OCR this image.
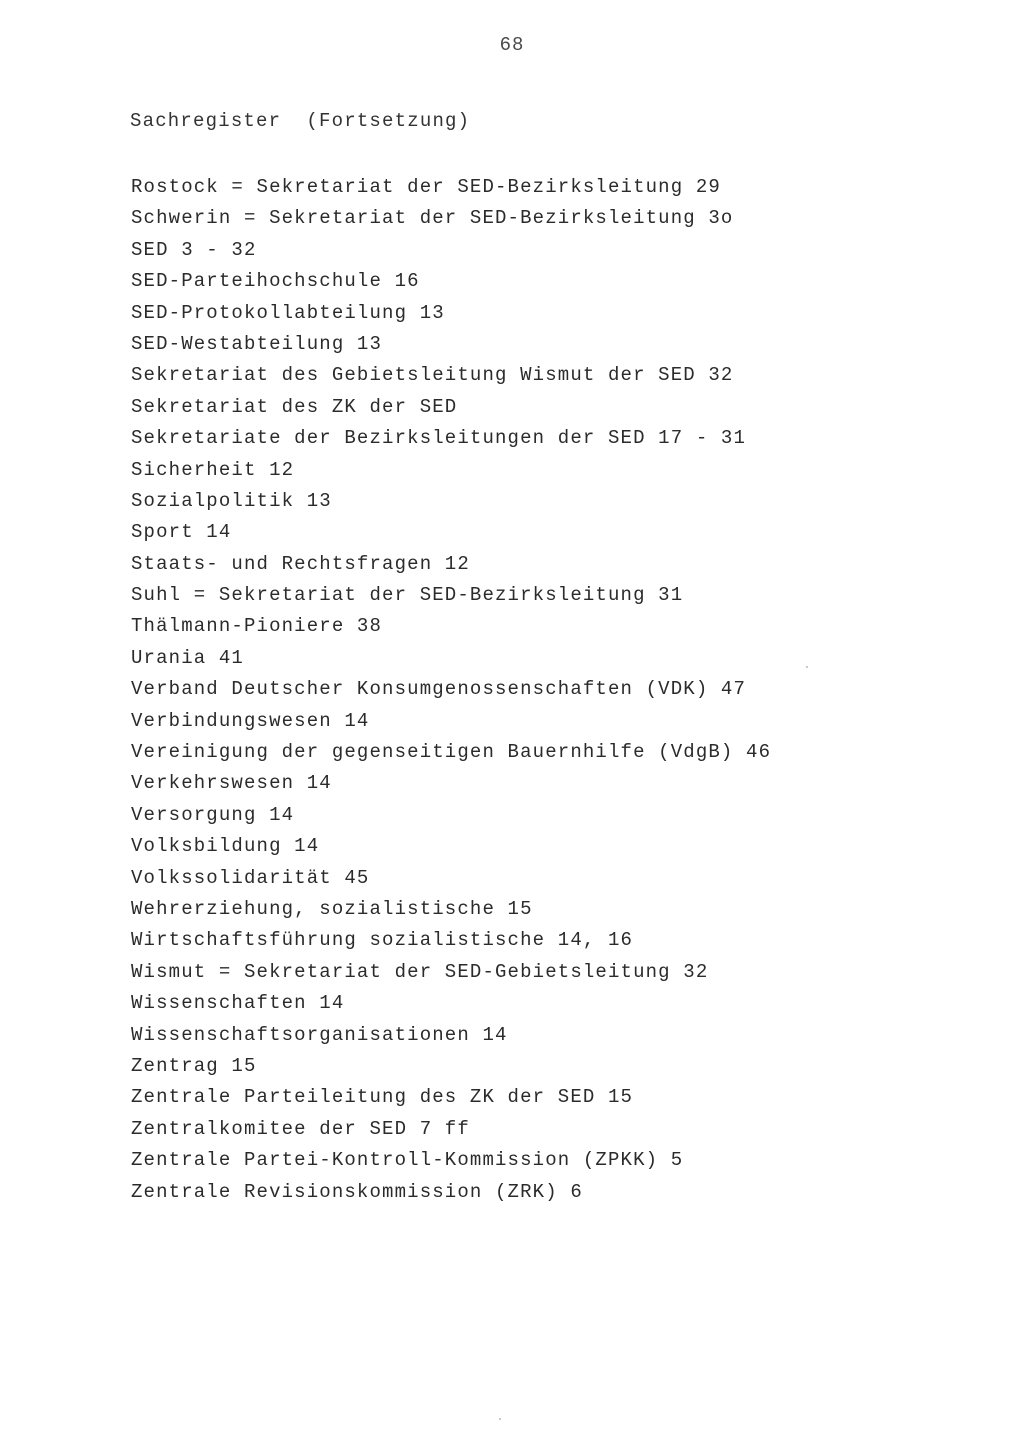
68
Sachregister  (Fortsetzung)
Rostock = Sekretariat der SED-Bezirksleitung 29
Schwerin = Sekretariat der SED-Bezirksleitung 3o
SED 3 - 32
SED-Parteihochschule 16
SED-Protokollabteilung 13
SED-Westabteilung 13
Sekretariat des Gebietsleitung Wismut der SED 32
Sekretariat des ZK der SED
Sekretariate der Bezirksleitungen der SED 17 - 31
Sicherheit 12
Sozialpolitik 13
Sport 14
Staats- und Rechtsfragen 12
Suhl = Sekretariat der SED-Bezirksleitung 31
Thälmann-Pioniere 38
Urania 41
Verband Deutscher Konsumgenossenschaften (VDK) 47
Verbindungswesen 14
Vereinigung der gegenseitigen Bauernhilfe (VdgB) 46
Verkehrswesen 14
Versorgung 14
Volksbildung 14
Volkssolidarität 45
Wehrerziehung, sozialistische 15
Wirtschaftsführung sozialistische 14, 16
Wismut = Sekretariat der SED-Gebietsleitung 32
Wissenschaften 14
Wissenschaftsorganisationen 14
Zentrag 15
Zentrale Parteileitung des ZK der SED 15
Zentralkomitee der SED 7 ff
Zentrale Partei-Kontroll-Kommission (ZPKK) 5
Zentrale Revisionskommission (ZRK) 6
